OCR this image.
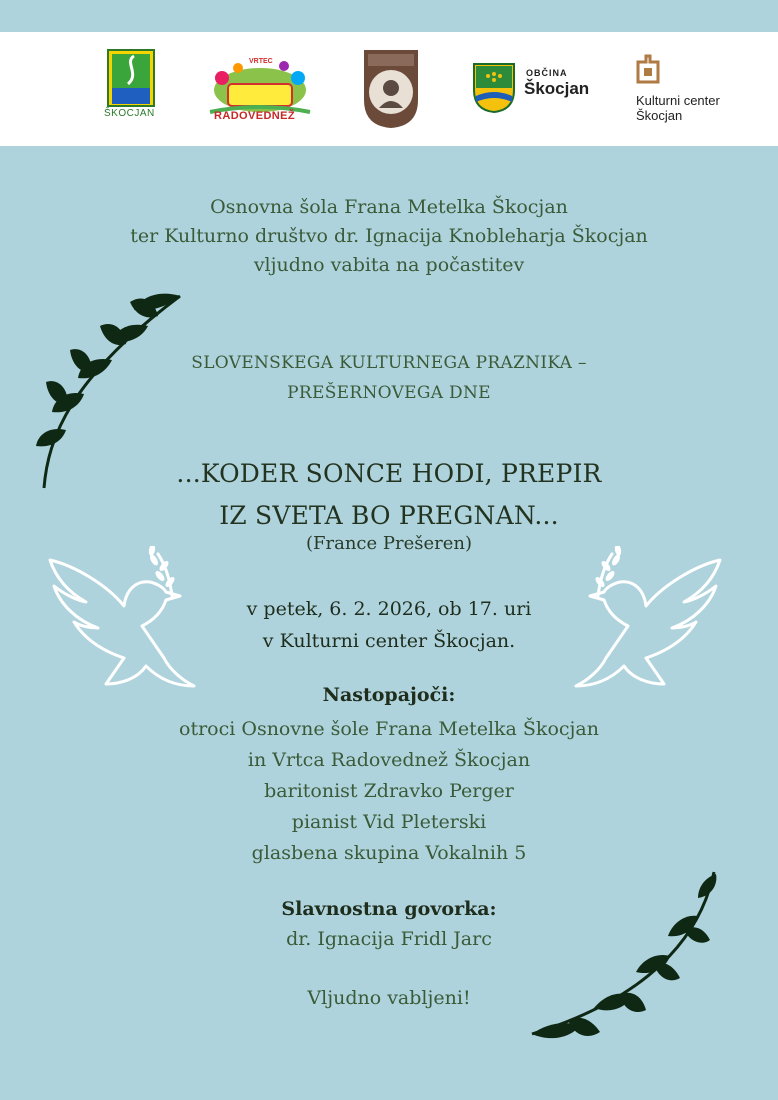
ŠKOCJAN
VRTEC
RADOVEDNEŽ
OBČINA
Škocjan
Kulturni center
Škocjan
Osnovna šola Frana Metelka Škocjan
ter Kulturno društvo dr. Ignacija Knobleharja Škocjan
vljudno vabita na počastitev
SLOVENSKEGA KULTURNEGA PRAZNIKA –
PREŠERNOVEGA DNE
...KODER SONCE HODI, PREPIR
IZ SVETA BO PREGNAN...
(France Prešeren)
v petek, 6. 2. 2026, ob 17. uri
v Kulturni center Škocjan.
Nastopajoči:
otroci Osnovne šole Frana Metelka Škocjan
in Vrtca Radovednež Škocjan
baritonist Zdravko Perger
pianist Vid Pleterski
glasbena skupina Vokalnih 5
Slavnostna govorka:
dr. Ignacija Fridl Jarc
Vljudno vabljeni!
